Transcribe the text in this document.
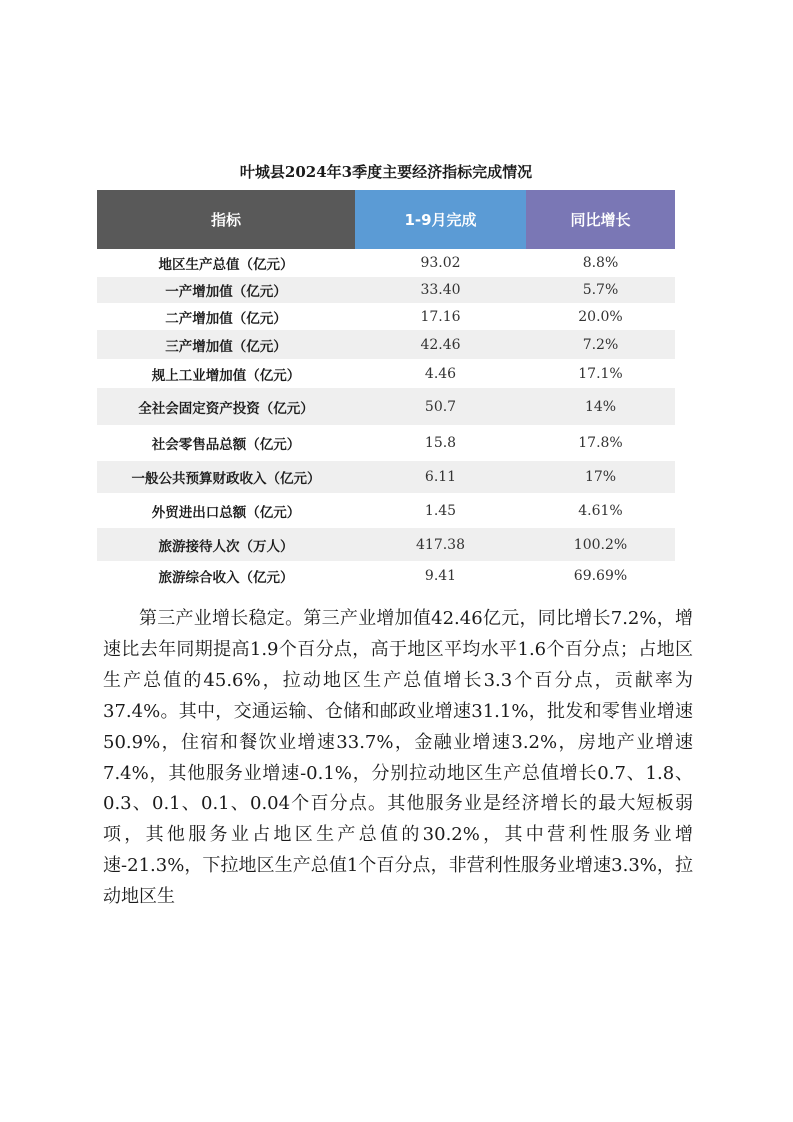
叶城县2024年3季度主要经济指标完成情况
指标	1-9月完成	同比增长
地区生产总值（亿元）	93.02	8.8%
一产增加值（亿元）	33.40	5.7%
二产增加值（亿元）	17.16	20.0%
三产增加值（亿元）	42.46	7.2%
规上工业增加值（亿元）	4.46	17.1%
全社会固定资产投资（亿元）	50.7	14%
社会零售品总额（亿元）	15.8	17.8%
一般公共预算财政收入（亿元）	6.11	17%
外贸进出口总额（亿元）	1.45	4.61%
旅游接待人次（万人）	417.38	100.2%
旅游综合收入（亿元）	9.41	69.69%

第三产业增长稳定。第三产业增加值42.46亿元，同比增长7.2%，增速比去年同期提高1.9个百分点，高于地区平均水平1.6个百分点；占地区生产总值的45.6%，拉动地区生产总值增长3.3个百分点，贡献率为37.4%。其中，交通运输、仓储和邮政业增速31.1%，批发和零售业增速50.9%，住宿和餐饮业增速33.7%，金融业增速3.2%，房地产业增速7.4%，其他服务业增速-0.1%，分别拉动地区生产总值增长0.7、1.8、0.3、0.1、0.1、0.04个百分点。其他服务业是经济增长的最大短板弱项，其他服务业占地区生产总值的30.2%，其中营利性服务业增速-21.3%，下拉地区生产总值1个百分点，非营利性服务业增速3.3%，拉动地区生
